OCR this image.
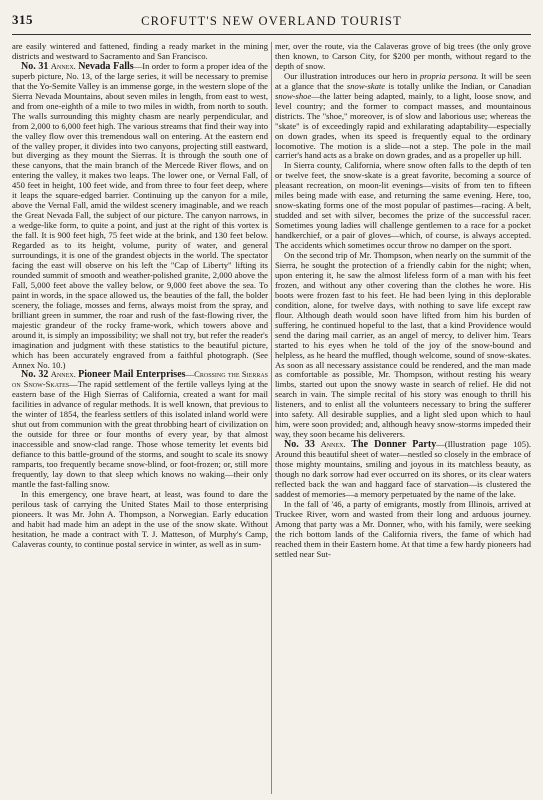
315	CROFUTT'S NEW OVERLAND TOURIST

are easily wintered and fattened, finding a ready market in the mining districts and westward to Sacramento and San Francisco.

No. 31 Annex. Nevada Falls—In order to form a proper idea of the superb picture, No. 13, of the large series, it will be necessary to premise that the Yo-Semite Valley is an immense gorge, in the western slope of the Sierra Nevada Mountains, about seven miles in length, from east to west, and from one-eighth of a mile to two miles in width, from north to south. The walls surrounding this mighty chasm are nearly perpendicular, and from 2,000 to 6,000 feet high. The various streams that find their way into the valley flow over this tremendous wall on entering. At the eastern end of the valley proper, it divides into two canyons, projecting still eastward, but diverging as they mount the Sierras. It is through the south one of these canyons, that the main branch of the Mercede River flows, and on entering the valley, it makes two leaps. The lower one, or Vernal Fall, of 450 feet in height, 100 feet wide, and from three to four feet deep, where it leaps the square-edged barrier. Continuing up the canyon for a mile, above the Vernal Fall, amid the wildest scenery imaginable, and we reach the Great Nevada Fall, the subject of our picture. The canyon narrows, in a wedge-like form, to quite a point, and just at the right of this vortex is the fall. It is 900 feet high, 75 feet wide at the brink, and 130 feet below. Regarded as to its height, volume, purity of water, and general surroundings, it is one of the grandest objects in the world. The spectator facing the east will observe on his left the "Cap of Liberty" lifting its rounded summit of smooth and weather-polished granite, 2,000 above the Fall, 5,000 feet above the valley below, or 9,000 feet above the sea. To paint in words, in the space allowed us, the beauties of the fall, the bolder scenery, the foliage, mosses and ferns, always moist from the spray, and brilliant green in summer, the roar and rush of the fast-flowing river, the majestic grandeur of the rocky frame-work, which towers above and around it, is simply an impossibility; we shall not try, but refer the reader's imagination and judgment with these statistics to the beautiful picture, which has been accurately engraved from a faithful photograph. (See Annex No. 10.)

No. 32 Annex. Pioneer Mail Enterprises—Crossing the Sierras on Snow-Skates—The rapid settlement of the fertile valleys lying at the eastern base of the High Sierras of California, created a want for mail facilities in advance of regular methods. It is well known, that previous to the winter of 1854, the fearless settlers of this isolated inland world were shut out from communion with the great throbbing heart of civilization on the outside for three or four months of every year, by that almost inaccessible and snow-clad range. Those whose temerity let events bid defiance to this battle-ground of the storms, and sought to scale its snowy ramparts, too frequently became snow-blind, or foot-frozen; or, still more frequently, lay down to that sleep which knows no waking—their only mantle the fast-falling snow.

In this emergency, one brave heart, at least, was found to dare the perilous task of carrying the United States Mail to those enterprising pioneers. It was Mr. John A. Thompson, a Norwegian. Early education and habit had made him an adept in the use of the snow skate. Without hesitation, he made a contract with T. J. Matteson, of Murphy's Camp, Calaveras county, to continue postal service in winter, as well as in sum-

mer, over the route, via the Calaveras grove of big trees (the only grove then known, to Carson City, for $200 per month, without regard to the depth of snow.

Our illustration introduces our hero in propria persona. It will be seen at a glance that the snow-skate is totally unlike the Indian, or Canadian snow-shoe—the latter being adapted, mainly, to a light, loose snow, and level country; and the former to compact masses, and mountainous districts. The "shoe," moreover, is of slow and laborious use; whereas the "skate" is of exceedingly rapid and exhilarating adaptability—especially on down grades, when its speed is frequently equal to the ordinary locomotive. The motion is a slide—not a step. The pole in the mail carrier's hand acts as a brake on down grades, and as a propeller up hill.

In Sierra county, California, where snow often falls to the depth of ten or twelve feet, the snow-skate is a great favorite, becoming a source of pleasant recreation, on moon-lit evenings—visits of from ten to fifteen miles being made with ease, and returning the same evening. Here, too, snow-skating forms one of the most popular of pastimes—racing. A belt, studded and set with silver, becomes the prize of the successful racer. Sometimes young ladies will challenge gentlemen to a race for a pocket handkerchief, or a pair of gloves—which, of course, is always accepted. The accidents which sometimes occur throw no damper on the sport.

On the second trip of Mr. Thompson, when nearly on the summit of the Sierra, he sought the protection of a friendly cabin for the night; when, upon entering it, he saw the almost lifeless form of a man with his feet frozen, and without any other covering than the clothes he wore. His boots were frozen fast to his feet. He had been lying in this deplorable condition, alone, for twelve days, with nothing to save life except raw flour. Although death would soon have lifted from him his burden of suffering, he continued hopeful to the last, that a kind Providence would send the daring mail carrier, as an angel of mercy, to deliver him. Tears started to his eyes when he told of the joy of the snow-bound and helpless, as he heard the muffled, though welcome, sound of snow-skates. As soon as all necessary assistance could be rendered, and the man made as comfortable as possible, Mr. Thompson, without resting his weary limbs, started out upon the snowy waste in search of relief. He did not search in vain. The simple recital of his story was enough to thrill his listeners, and to enlist all the volunteers necessary to bring the sufferer into safety. All desirable supplies, and a light sled upon which to haul him, were soon provided; and, although heavy snow-storms impeded their way, they soon became his deliverers.

No. 33 Annex. The Donner Party—(Illustration page 105). Around this beautiful sheet of water—nestled so closely in the embrace of those mighty mountains, smiling and joyous in its matchless beauty, as though no dark sorrow had ever occurred on its shores, or its clear waters reflected back the wan and haggard face of starvation—is clustered the saddest of memories—a memory perpetuated by the name of the lake.

In the fall of '46, a party of emigrants, mostly from Illinois, arrived at Truckee River, worn and wasted from their long and arduous journey. Among that party was a Mr. Donner, who, with his family, were seeking the rich bottom lands of the California rivers, the fame of which had reached them in their Eastern home. At that time a few hardy pioneers had settled near Sut-
